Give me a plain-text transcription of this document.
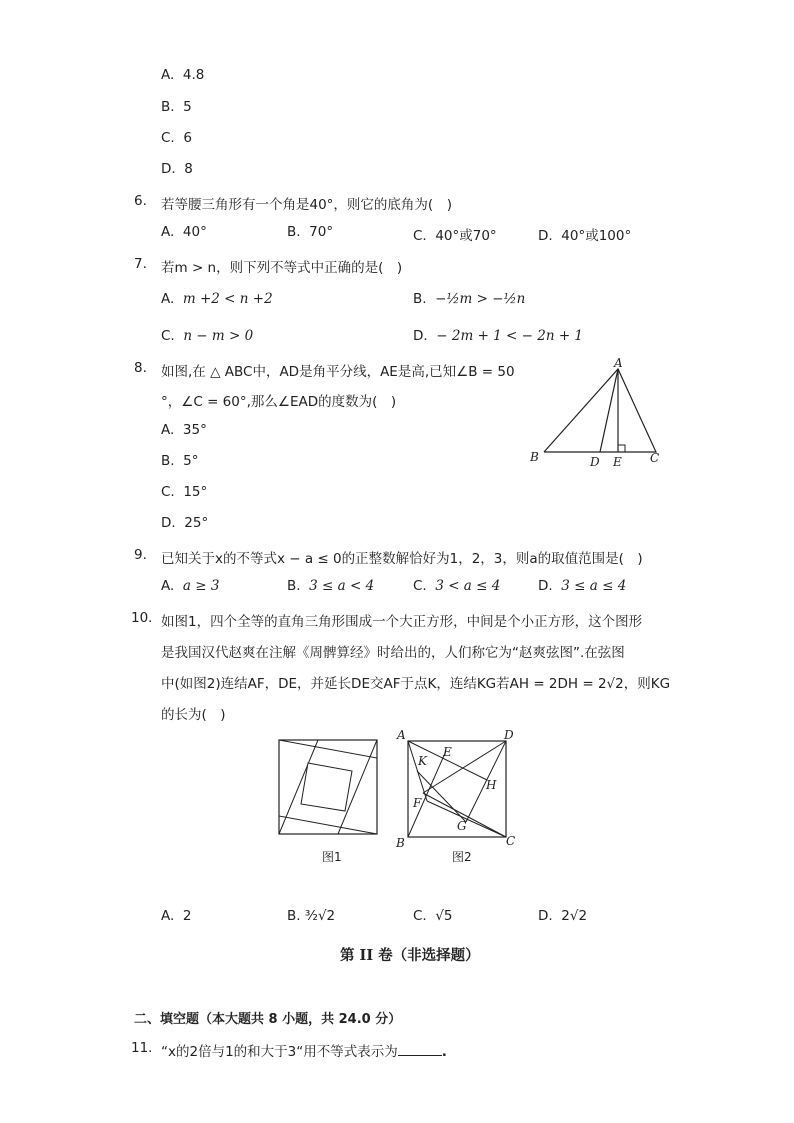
A. 4.8
B. 5
C. 6
D. 8
6. 若等腰三角形有一个角是40°，则它的底角为(　)
A. 40°	B. 70°	C. 40°或70°	D. 40°或100°
7. 若m > n，则下列不等式中正确的是(　)
A. m +2 < n +2	B. −½m > −½n
C. n − m > 0	D. − 2m + 1 < − 2n + 1
8. 如图,在 △ ABC中，AD是角平分线，AE是高,已知∠B = 50
°，∠C = 60°,那么∠EAD的度数为(　)
A. 35°
B. 5°
C. 15°
D. 25°
A
B	C
D E
9. 已知关于x的不等式x − a ≤ 0的正整数解恰好为1，2，3，则a的取值范围是(　)
A. a ≥ 3	B. 3 ≤ a < 4	C. 3 < a ≤ 4	D. 3 ≤ a ≤ 4
10. 如图1，四个全等的直角三角形围成一个大正方形，中间是个小正方形，这个图形
是我国汉代赵爽在注解《周髀算经》时给出的，人们称它为“赵爽弦图”.在弦图
中(如图2)连结AF，DE，并延长DE交AF于点K，连结KG若AH = 2DH = 2√2，则KG
的长为(　)
图1
A	D
B	C
E
K
H
F
G
图2
A. 2	B. ³⁄₂√2	C. √5	D. 2√2
第 II 卷（非选择题）
二、填空题（本大题共 8 小题，共 24.0 分）
11. “x的2倍与1的和大于3“用不等式表示为	.
